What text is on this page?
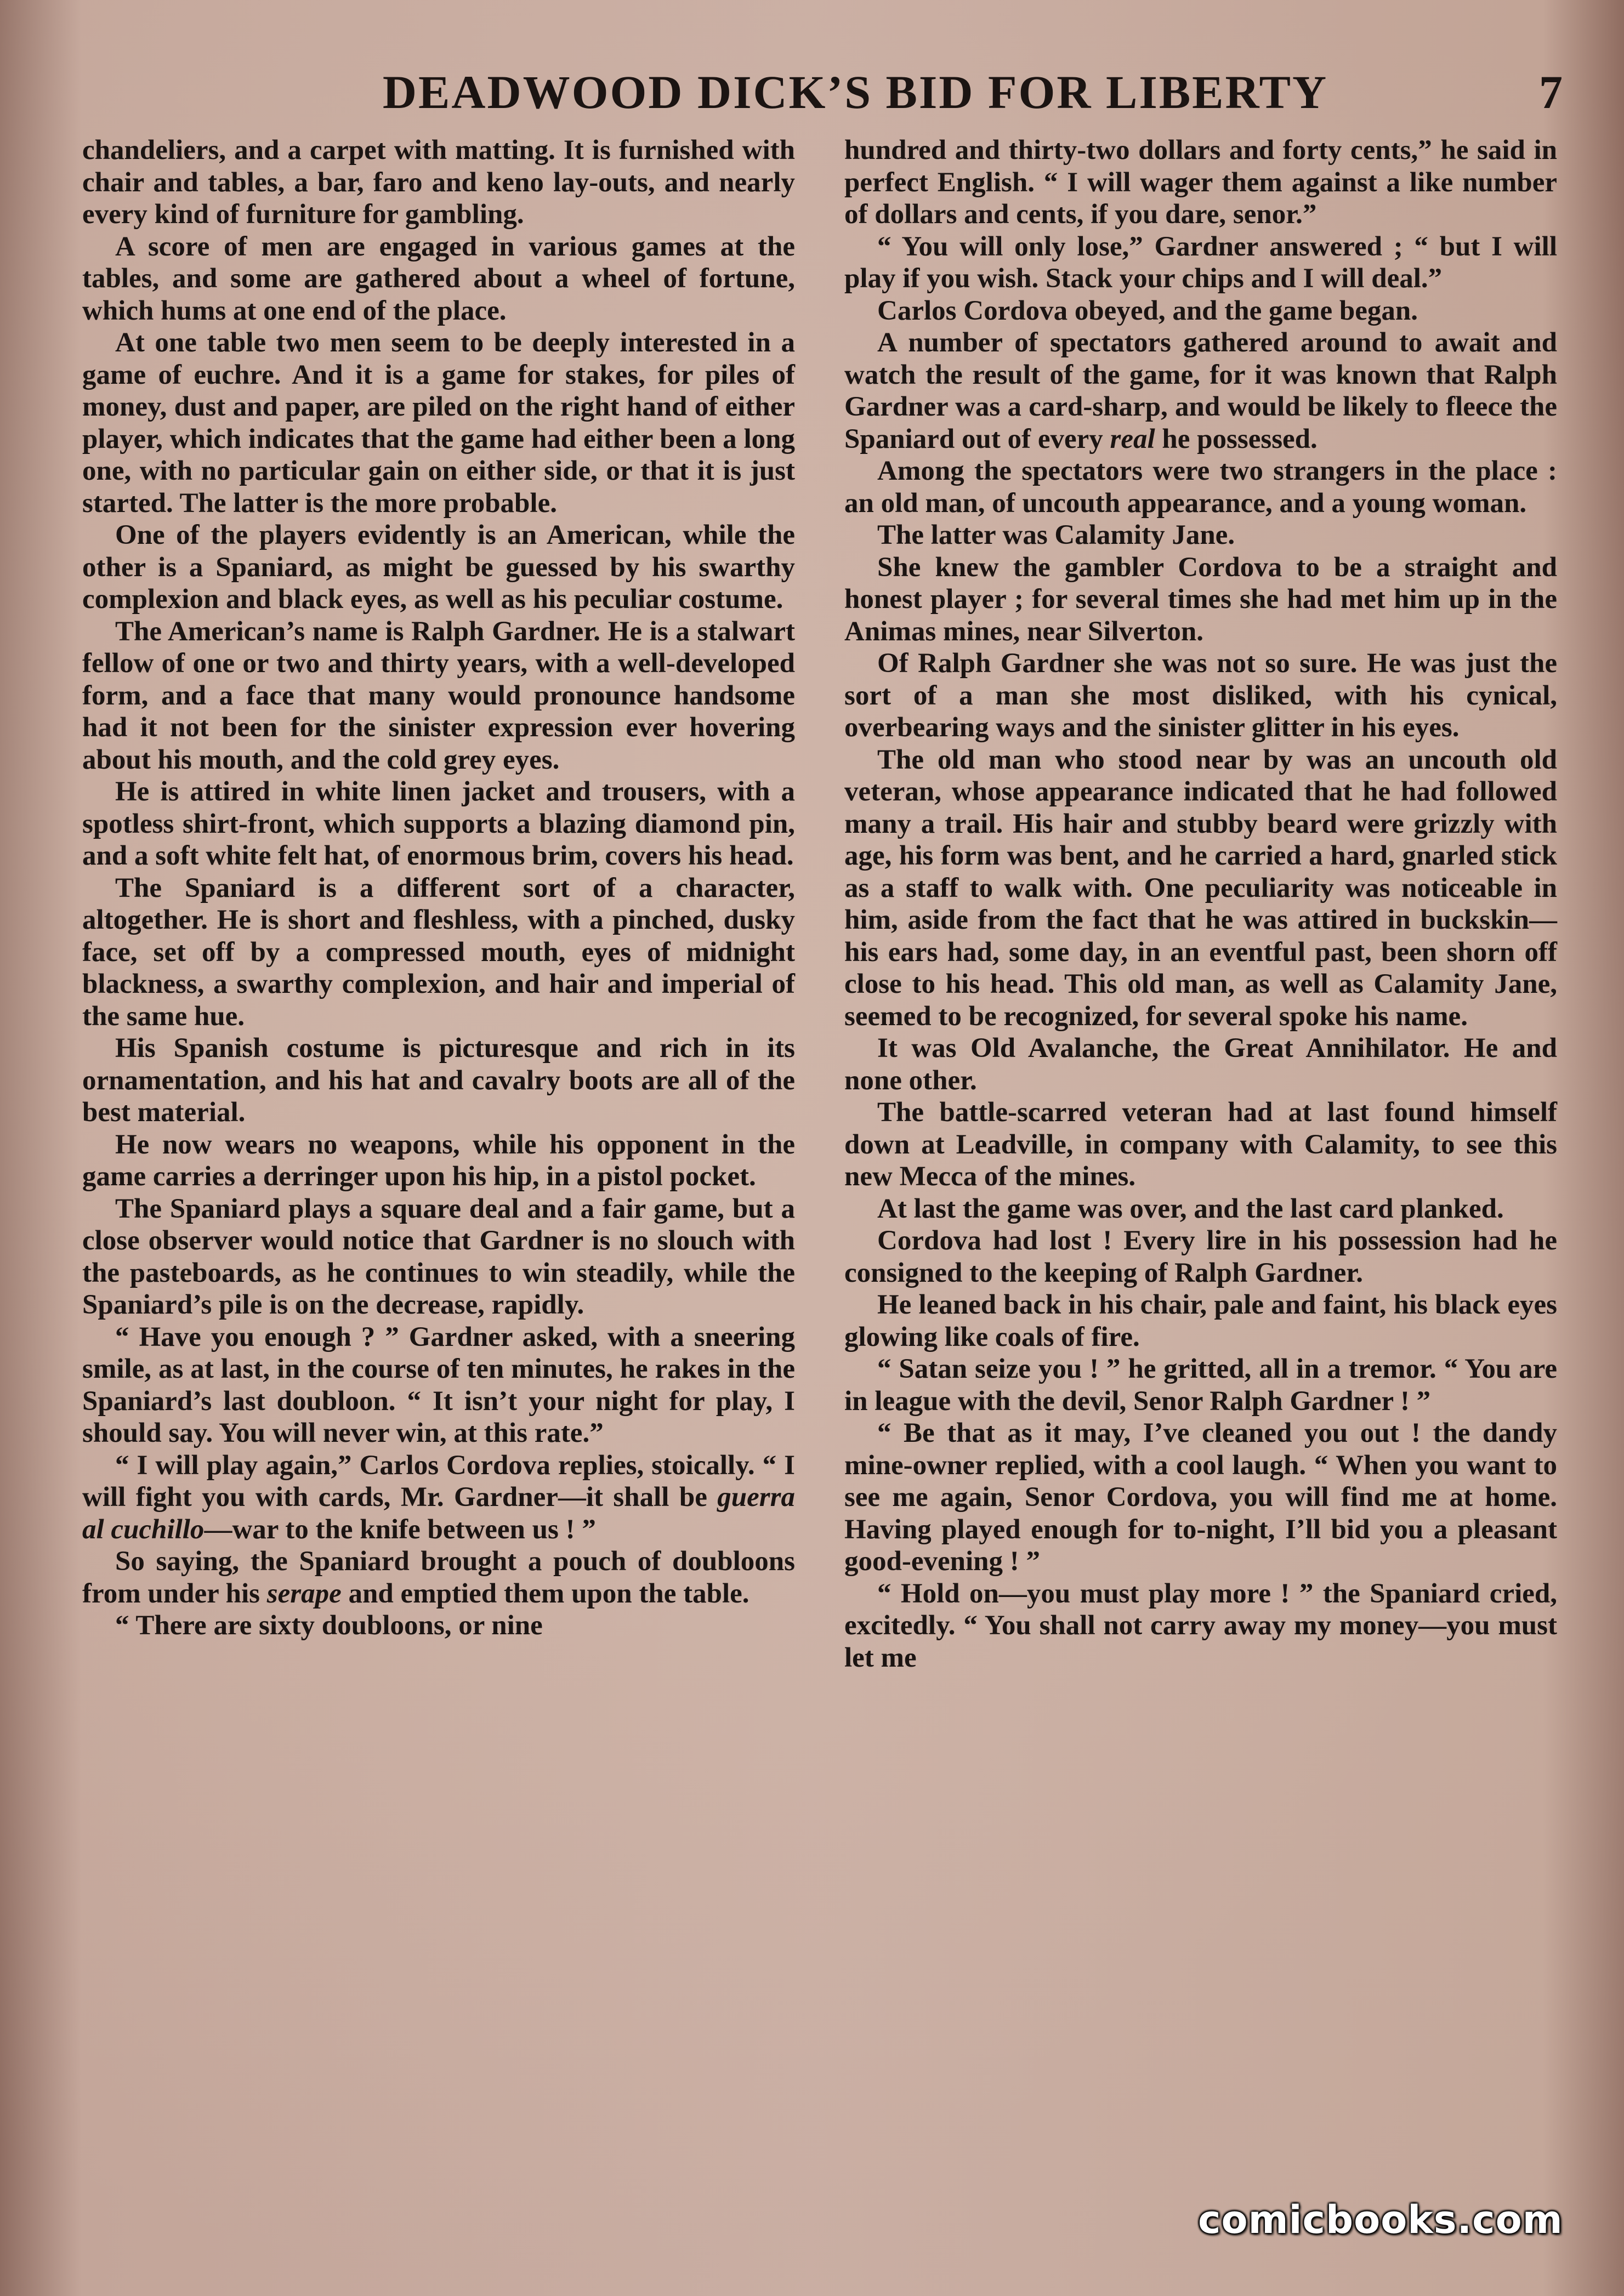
DEADWOOD DICK’S BID FOR LIBERTY	7

chandeliers, and a carpet with matting. It is furnished with chair and tables, a bar, faro and keno lay-outs, and nearly every kind of furniture for gambling.

A score of men are engaged in various games at the tables, and some are gathered about a wheel of fortune, which hums at one end of the place.

At one table two men seem to be deeply interested in a game of euchre. And it is a game for stakes, for piles of money, dust and paper, are piled on the right hand of either player, which indicates that the game had either been a long one, with no particular gain on either side, or that it is just started. The latter is the more probable.

One of the players evidently is an American, while the other is a Spaniard, as might be guessed by his swarthy complexion and black eyes, as well as his peculiar costume.

The American’s name is Ralph Gardner. He is a stalwart fellow of one or two and thirty years, with a well-developed form, and a face that many would pronounce handsome had it not been for the sinister expression ever hovering about his mouth, and the cold grey eyes.

He is attired in white linen jacket and trousers, with a spotless shirt-front, which supports a blazing diamond pin, and a soft white felt hat, of enormous brim, covers his head.

The Spaniard is a different sort of a character, altogether. He is short and fleshless, with a pinched, dusky face, set off by a compressed mouth, eyes of midnight blackness, a swarthy complexion, and hair and imperial of the same hue.

His Spanish costume is picturesque and rich in its ornamentation, and his hat and cavalry boots are all of the best material.

He now wears no weapons, while his opponent in the game carries a derringer upon his hip, in a pistol pocket.

The Spaniard plays a square deal and a fair game, but a close observer would notice that Gardner is no slouch with the pasteboards, as he continues to win steadily, while the Spaniard’s pile is on the decrease, rapidly.

“ Have you enough ? ” Gardner asked, with a sneering smile, as at last, in the course of ten minutes, he rakes in the Spaniard’s last doubloon. “ It isn’t your night for play, I should say. You will never win, at this rate.”

“ I will play again,” Carlos Cordova replies, stoically. “ I will fight you with cards, Mr. Gardner—it shall be guerra al cuchillo—war to the knife between us ! ”

So saying, the Spaniard brought a pouch of doubloons from under his serape and emptied them upon the table.

“ There are sixty doubloons, or nine

hundred and thirty-two dollars and forty cents,” he said in perfect English. “ I will wager them against a like number of dollars and cents, if you dare, senor.”

“ You will only lose,” Gardner answered ; “ but I will play if you wish. Stack your chips and I will deal.”

Carlos Cordova obeyed, and the game began.

A number of spectators gathered around to await and watch the result of the game, for it was known that Ralph Gardner was a card-sharp, and would be likely to fleece the Spaniard out of every real he possessed.

Among the spectators were two strangers in the place : an old man, of uncouth appearance, and a young woman.

The latter was Calamity Jane.

She knew the gambler Cordova to be a straight and honest player ; for several times she had met him up in the Animas mines, near Silverton.

Of Ralph Gardner she was not so sure. He was just the sort of a man she most disliked, with his cynical, overbearing ways and the sinister glitter in his eyes.

The old man who stood near by was an uncouth old veteran, whose appearance indicated that he had followed many a trail. His hair and stubby beard were grizzly with age, his form was bent, and he carried a hard, gnarled stick as a staff to walk with. One peculiarity was noticeable in him, aside from the fact that he was attired in buckskin—his ears had, some day, in an eventful past, been shorn off close to his head. This old man, as well as Calamity Jane, seemed to be recognized, for several spoke his name.

It was Old Avalanche, the Great Annihilator. He and none other.

The battle-scarred veteran had at last found himself down at Leadville, in company with Calamity, to see this new Mecca of the mines.

At last the game was over, and the last card planked.

Cordova had lost ! Every lire in his possession had he consigned to the keeping of Ralph Gardner.

He leaned back in his chair, pale and faint, his black eyes glowing like coals of fire.

“ Satan seize you ! ” he gritted, all in a tremor. “ You are in league with the devil, Senor Ralph Gardner ! ”

“ Be that as it may, I’ve cleaned you out ! the dandy mine-owner replied, with a cool laugh. “ When you want to see me again, Senor Cordova, you will find me at home. Having played enough for to-night, I’ll bid you a pleasant good-evening ! ”

“ Hold on—you must play more ! ” the Spaniard cried, excitedly. “ You shall not carry away my money—you must let me

comicbooks.com
